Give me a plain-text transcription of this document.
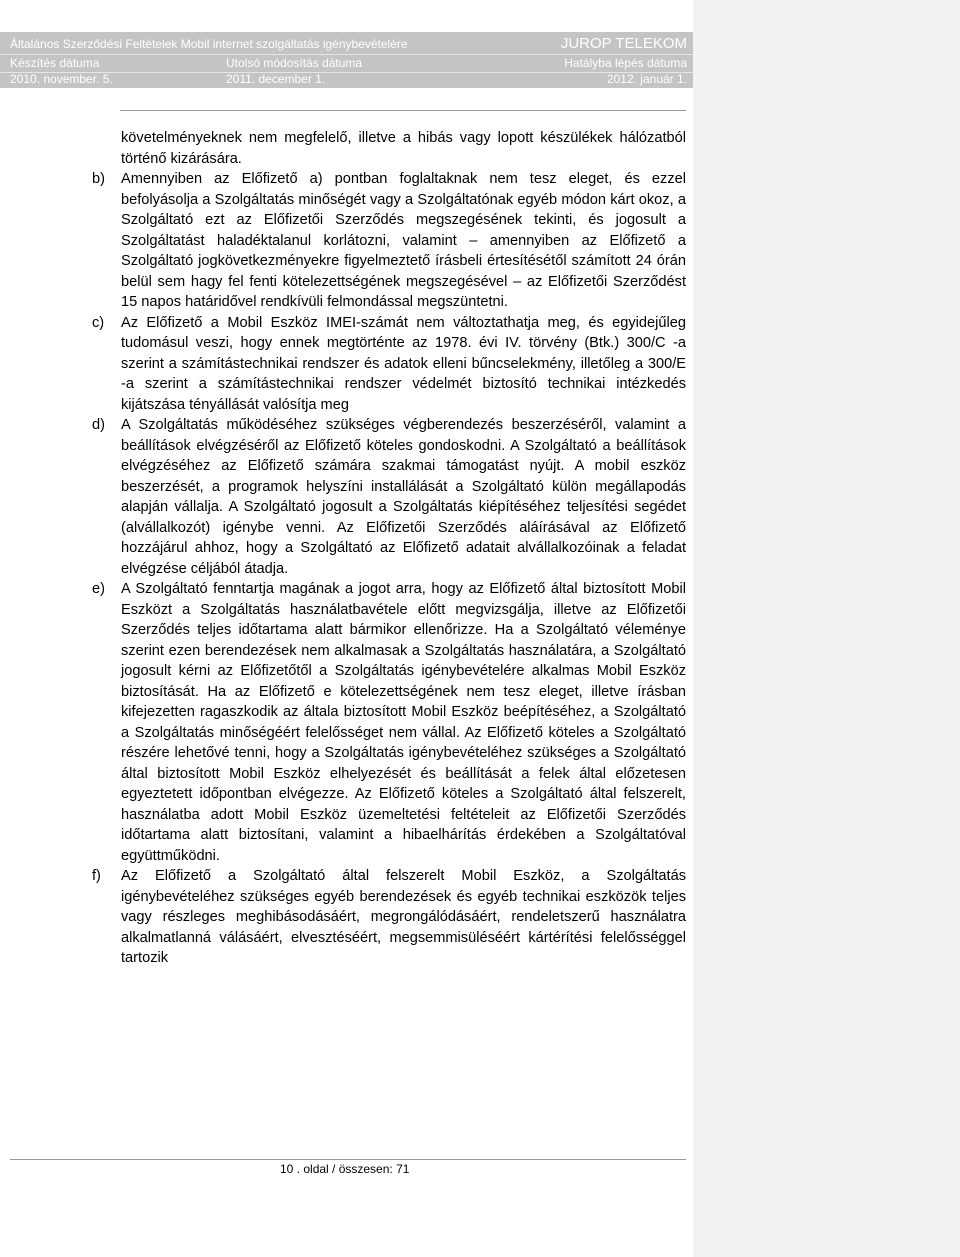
Általános Szerződési Feltételek Mobil internet szolgáltatás igénybevételére	JUROP TELEKOM
Készítés dátuma	Utolsó módosítás dátuma	Hatályba lépés dátuma
2010. november. 5.	2011. december 1.	2012. január 1.

követelményeknek nem megfelelő, illetve a hibás vagy lopott készülékek hálózatból történő kizárására.

b) Amennyiben az Előfizető a) pontban foglaltaknak nem tesz eleget, és ezzel befolyásolja a Szolgáltatás minőségét vagy a Szolgáltatónak egyéb módon kárt okoz, a Szolgáltató ezt az Előfizetői Szerződés megszegésének tekinti, és jogosult a Szolgáltatást haladéktalanul korlátozni, valamint – amennyiben az Előfizető a Szolgáltató jogkövetkezményekre figyelmeztető írásbeli értesítésétől számított 24 órán belül sem hagy fel fenti kötelezettségének megszegésével – az Előfizetői Szerződést 15 napos határidővel rendkívüli felmondással megszüntetni.

c) Az Előfizető a Mobil Eszköz IMEI-számát nem változtathatja meg, és egyidejűleg tudomásul veszi, hogy ennek megtörténte az 1978. évi IV. törvény (Btk.) 300/C -a szerint a számítástechnikai rendszer és adatok elleni bűncselekmény, illetőleg a 300/E -a szerint a számítástechnikai rendszer védelmét biztosító technikai intézkedés kijátszása tényállását valósítja meg

d) A Szolgáltatás működéséhez szükséges végberendezés beszerzéséről, valamint a beállítások elvégzéséről az Előfizető köteles gondoskodni. A Szolgáltató a beállítások elvégzéséhez az Előfizető számára szakmai támogatást nyújt. A mobil eszköz beszerzését, a programok helyszíni installálását a Szolgáltató külön megállapodás alapján vállalja. A Szolgáltató jogosult a Szolgáltatás kiépítéséhez teljesítési segédet (alvállalkozót) igénybe venni. Az Előfizetői Szerződés aláírásával az Előfizető hozzájárul ahhoz, hogy a Szolgáltató az Előfizető adatait alvállalkozóinak a feladat elvégzése céljából átadja.

e) A Szolgáltató fenntartja magának a jogot arra, hogy az Előfizető által biztosított Mobil Eszközt a Szolgáltatás használatbavétele előtt megvizsgálja, illetve az Előfizetői Szerződés teljes időtartama alatt bármikor ellenőrizze. Ha a Szolgáltató véleménye szerint ezen berendezések nem alkalmasak a Szolgáltatás használatára, a Szolgáltató jogosult kérni az Előfizetőtől a Szolgáltatás igénybevételére alkalmas Mobil Eszköz biztosítását. Ha az Előfizető e kötelezettségének nem tesz eleget, illetve írásban kifejezetten ragaszkodik az általa biztosított Mobil Eszköz beépítéséhez, a Szolgáltató a Szolgáltatás minőségéért felelősséget nem vállal. Az Előfizető köteles a Szolgáltató részére lehetővé tenni, hogy a Szolgáltatás igénybevételéhez szükséges a Szolgáltató által biztosított Mobil Eszköz elhelyezését és beállítását a felek által előzetesen egyeztetett időpontban elvégezze. Az Előfizető köteles a Szolgáltató által felszerelt, használatba adott Mobil Eszköz üzemeltetési feltételeit az Előfizetői Szerződés időtartama alatt biztosítani, valamint a hibaelhárítás érdekében a Szolgáltatóval együttműködni.

f) Az Előfizető a Szolgáltató által felszerelt Mobil Eszköz, a Szolgáltatás igénybevételéhez szükséges egyéb berendezések és egyéb technikai eszközök teljes vagy részleges meghibásodásáért, megrongálódásáért, rendeletszerű használatra alkalmatlanná válásáért, elvesztéséért, megsemmisüléséért kártérítési felelősséggel tartozik

10 . oldal / összesen: 71
